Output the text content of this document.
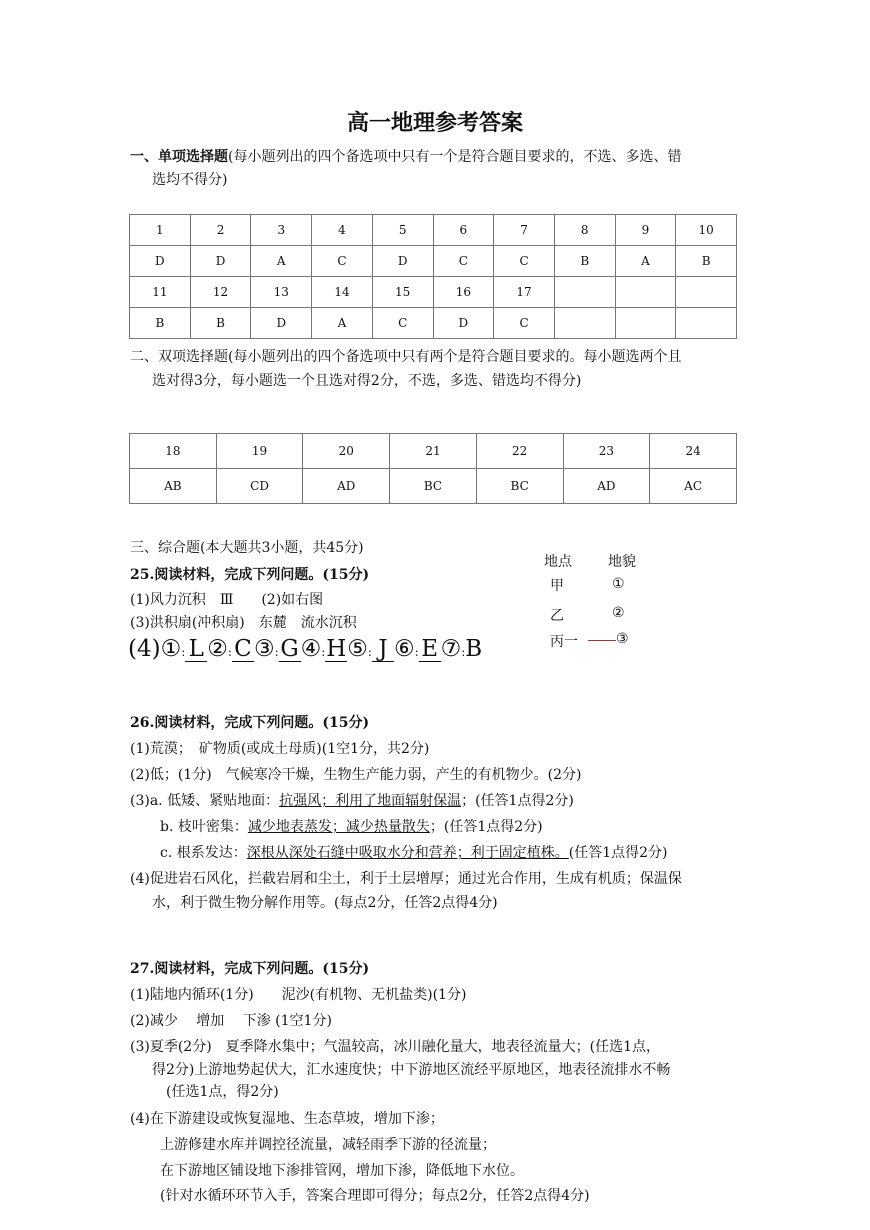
高一地理参考答案
一、单项选择题(每小题列出的四个备选项中只有一个是符合题目要求的，不选、多选、错
选均不得分)
1	2	3	4	5	6	7	8	9	10
D	D	A	C	D	C	C	B	A	B
11	12	13	14	15	16	17			
B	B	D	A	C	D	C			
二、双项选择题(每小题列出的四个备选项中只有两个是符合题目要求的。每小题选两个且
选对得3分，每小题选一个且选对得2分，不选，多选、错选均不得分)
18	19	20	21	22	23	24
AB	CD	AD	BC	BC	AD	AC
三、综合题(本大题共3小题，共45分)
25.阅读材料，完成下列问题。(15分)
(1)风力沉积　Ⅲ　　(2)如右图
(3)洪积扇(冲积扇)　东麓　流水沉积
(4)①: L ②:C③:G④:H⑤: J ⑥: E ⑦:B
地点	地貌
甲	①
乙	②
丙一	③
26.阅读材料，完成下列问题。(15分)
(1)荒漠；　矿物质(或成土母质)(1空1分，共2分)
(2)低；(1分)　气候寒冷干燥，生物生产能力弱，产生的有机物少。(2分)
(3)a. 低矮、紧贴地面：抗强风；利用了地面辐射保温；(任答1点得2分)
b. 枝叶密集：减少地表蒸发；减少热量散失；(任答1点得2分)
c. 根系发达：深根从深处石缝中吸取水分和营养；利于固定植株。(任答1点得2分)
(4)促进岩石风化，拦截岩屑和尘土，利于土层增厚；通过光合作用，生成有机质；保温保
水，利于微生物分解作用等。(每点2分，任答2点得4分)
27.阅读材料，完成下列问题。(15分)
(1)陆地内循环(1分)　　泥沙(有机物、无机盐类)(1分)
(2)减少　 增加　 下渗 (1空1分)
(3)夏季(2分)　夏季降水集中；气温较高，冰川融化量大，地表径流量大；(任选1点，
得2分)上游地势起伏大，汇水速度快；中下游地区流经平原地区，地表径流排水不畅
(任选1点，得2分)
(4)在下游建设或恢复湿地、生态草坡，增加下渗；
上游修建水库并调控径流量，减轻雨季下游的径流量；
在下游地区铺设地下渗排管网，增加下渗，降低地下水位。
(针对水循环环节入手，答案合理即可得分；每点2分，任答2点得4分)
